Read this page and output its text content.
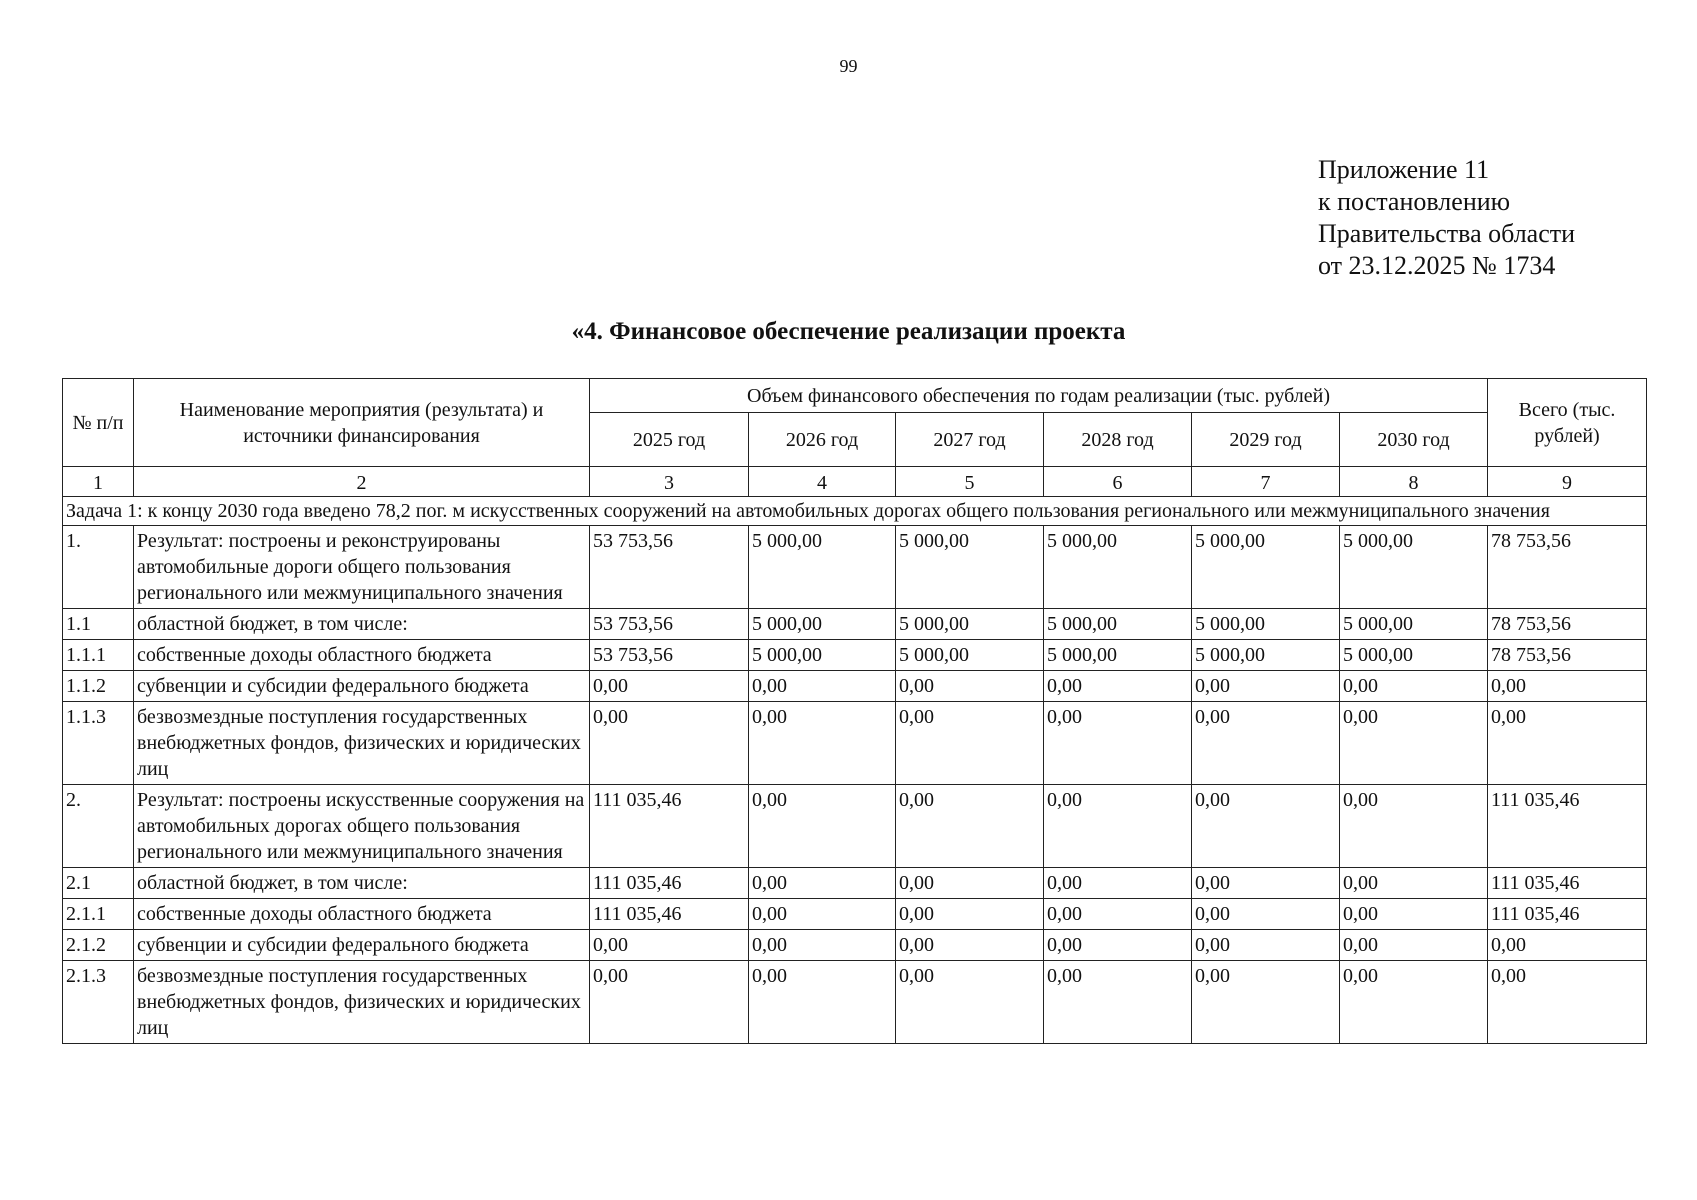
99
Приложение 11
к постановлению
Правительства области
от 23.12.2025 № 1734
«4. Финансовое обеспечение реализации проекта
№ п/п	Наименование мероприятия (результата) и источники финансирования	Объем финансового обеспечения по годам реализации (тыс. рублей)						Всего (тыс. рублей)
		2025 год	2026 год	2027 год	2028 год	2029 год	2030 год	
1	2	3	4	5	6	7	8	9
Задача 1: к концу 2030 года введено 78,2 пог. м искусственных сооружений на автомобильных дорогах общего пользования регионального или межмуниципального значения								
1.	Результат: построены и реконструированы автомобильные дороги общего пользования регионального или межмуниципального значения	53 753,56	5 000,00	5 000,00	5 000,00	5 000,00	5 000,00	78 753,56
1.1	областной бюджет, в том числе:	53 753,56	5 000,00	5 000,00	5 000,00	5 000,00	5 000,00	78 753,56
1.1.1	собственные доходы областного бюджета	53 753,56	5 000,00	5 000,00	5 000,00	5 000,00	5 000,00	78 753,56
1.1.2	субвенции и субсидии федерального бюджета	0,00	0,00	0,00	0,00	0,00	0,00	0,00
1.1.3	безвозмездные поступления государственных внебюджетных фондов, физических и юридических лиц	0,00	0,00	0,00	0,00	0,00	0,00	0,00
2.	Результат: построены искусственные сооружения на автомобильных дорогах общего пользования регионального или межмуниципального значения	111 035,46	0,00	0,00	0,00	0,00	0,00	111 035,46
2.1	областной бюджет, в том числе:	111 035,46	0,00	0,00	0,00	0,00	0,00	111 035,46
2.1.1	собственные доходы областного бюджета	111 035,46	0,00	0,00	0,00	0,00	0,00	111 035,46
2.1.2	субвенции и субсидии федерального бюджета	0,00	0,00	0,00	0,00	0,00	0,00	0,00
2.1.3	безвозмездные поступления государственных внебюджетных фондов, физических и юридических лиц	0,00	0,00	0,00	0,00	0,00	0,00	0,00
